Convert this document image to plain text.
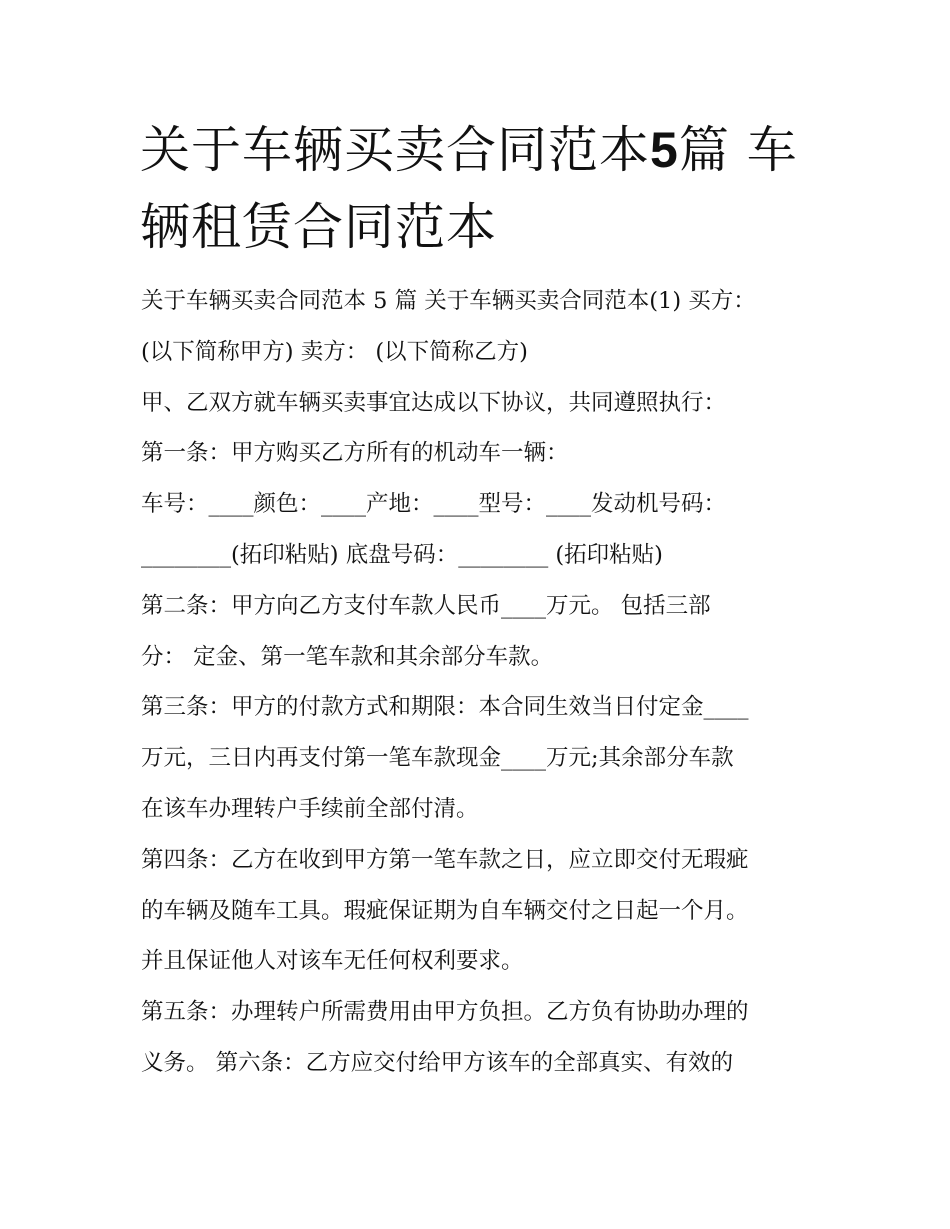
关于车辆买卖合同范本5篇 车
辆租赁合同范本
关于车辆买卖合同范本 5 篇 关于车辆买卖合同范本(1) 买方：
(以下简称甲方) 卖方： (以下简称乙方)
甲、乙双方就车辆买卖事宜达成以下协议，共同遵照执行：
第一条：甲方购买乙方所有的机动车一辆：
车号：____颜色：____产地：____型号：____发动机号码：
________(拓印粘贴) 底盘号码：________ (拓印粘贴)
第二条：甲方向乙方支付车款人民币____万元。 包括三部
分： 定金、第一笔车款和其余部分车款。
第三条：甲方的付款方式和期限：本合同生效当日付定金____
万元，三日内再支付第一笔车款现金____万元;其余部分车款
在该车办理转户手续前全部付清。
第四条：乙方在收到甲方第一笔车款之日，应立即交付无瑕疵
的车辆及随车工具。瑕疵保证期为自车辆交付之日起一个月。
并且保证他人对该车无任何权利要求。
第五条：办理转户所需费用由甲方负担。乙方负有协助办理的
义务。 第六条：乙方应交付给甲方该车的全部真实、有效的
